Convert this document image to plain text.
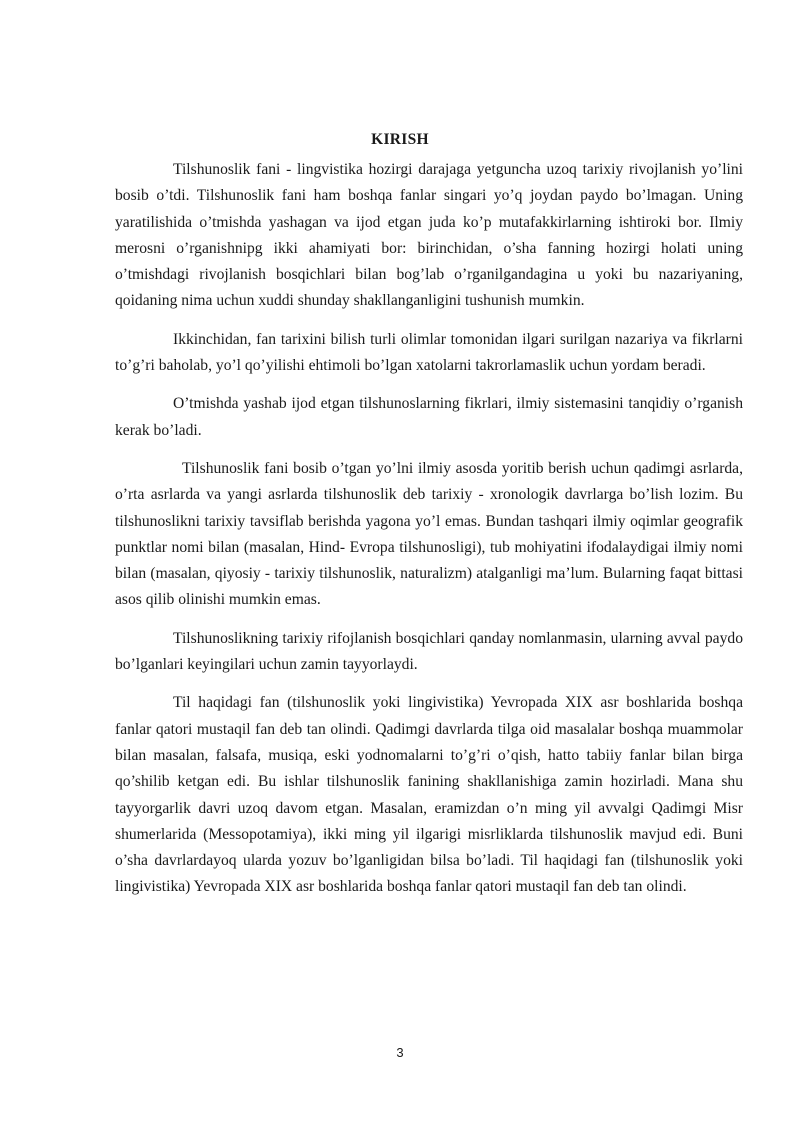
KIRISH

Tilshunoslik fani - lingvistika hozirgi darajaga yetguncha uzoq tarixiy rivojlanish yo’lini bosib o’tdi. Tilshunoslik fani ham boshqa fanlar singari yo’q joydan paydo bo’lmagan. Uning yaratilishida o’tmishda yashagan va ijod etgan juda ko’p mutafakkirlarning ishtiroki bor. Ilmiy merosni o’rganishnipg ikki ahamiyati bor: birinchidan, o’sha fanning hozirgi holati uning o’tmishdagi rivojlanish bosqichlari bilan bog’lab o’rganilgandagina u yoki bu nazariyaning, qoidaning nima uchun xuddi shunday shakllanganligini tushunish mumkin.

Ikkinchidan, fan tarixini bilish turli olimlar tomonidan ilgari surilgan nazariya va fikrlarni to’g’ri baholab, yo’l qo’yilishi ehtimoli bo’lgan xatolarni takrorlamaslik uchun yordam beradi.

O’tmishda yashab ijod etgan tilshunoslarning fikrlari, ilmiy sistemasini tanqidiy o’rganish kerak bo’ladi.

Tilshunoslik fani bosib o’tgan yo’lni ilmiy asosda yoritib berish uchun qadimgi asrlarda, o’rta asrlarda va yangi asrlarda tilshunoslik deb tarixiy - xronologik davrlarga bo’lish lozim. Bu tilshunoslikni tarixiy tavsiflab berishda yagona yo’l emas. Bundan tashqari ilmiy oqimlar geografik punktlar nomi bilan (masalan, Hind- Evropa tilshunosligi), tub mohiyatini ifodalaydigai ilmiy nomi bilan (masalan, qiyosiy - tarixiy tilshunoslik, naturalizm) atalganligi ma’lum. Bularning faqat bittasi asos qilib olinishi mumkin emas.

Tilshunoslikning tarixiy rifojlanish bosqichlari qanday nomlanmasin, ularning avval paydo bo’lganlari keyingilari uchun zamin tayyorlaydi.

Til haqidagi fan (tilshunoslik yoki lingivistika) Yevropada XIX asr boshlarida boshqa fanlar qatori mustaqil fan deb tan olindi. Qadimgi davrlarda tilga oid masalalar boshqa muammolar bilan masalan, falsafa, musiqa, eski yodnomalarni to’g’ri o’qish, hatto tabiiy fanlar bilan birga qo’shilib ketgan edi. Bu ishlar tilshunoslik fanining shakllanishiga zamin hozirladi. Mana shu tayyorgarlik davri uzoq davom etgan. Masalan, eramizdan o’n ming yil avvalgi Qadimgi Misr shumerlarida (Messopotamiya), ikki ming yil ilgarigi misrliklarda tilshunoslik mavjud edi. Buni o’sha davrlardayoq ularda yozuv bo’lganligidan bilsa bo’ladi. Til haqidagi fan (tilshunoslik yoki lingivistika) Yevropada XIX asr boshlarida boshqa fanlar qatori mustaqil fan deb tan olindi.

3
